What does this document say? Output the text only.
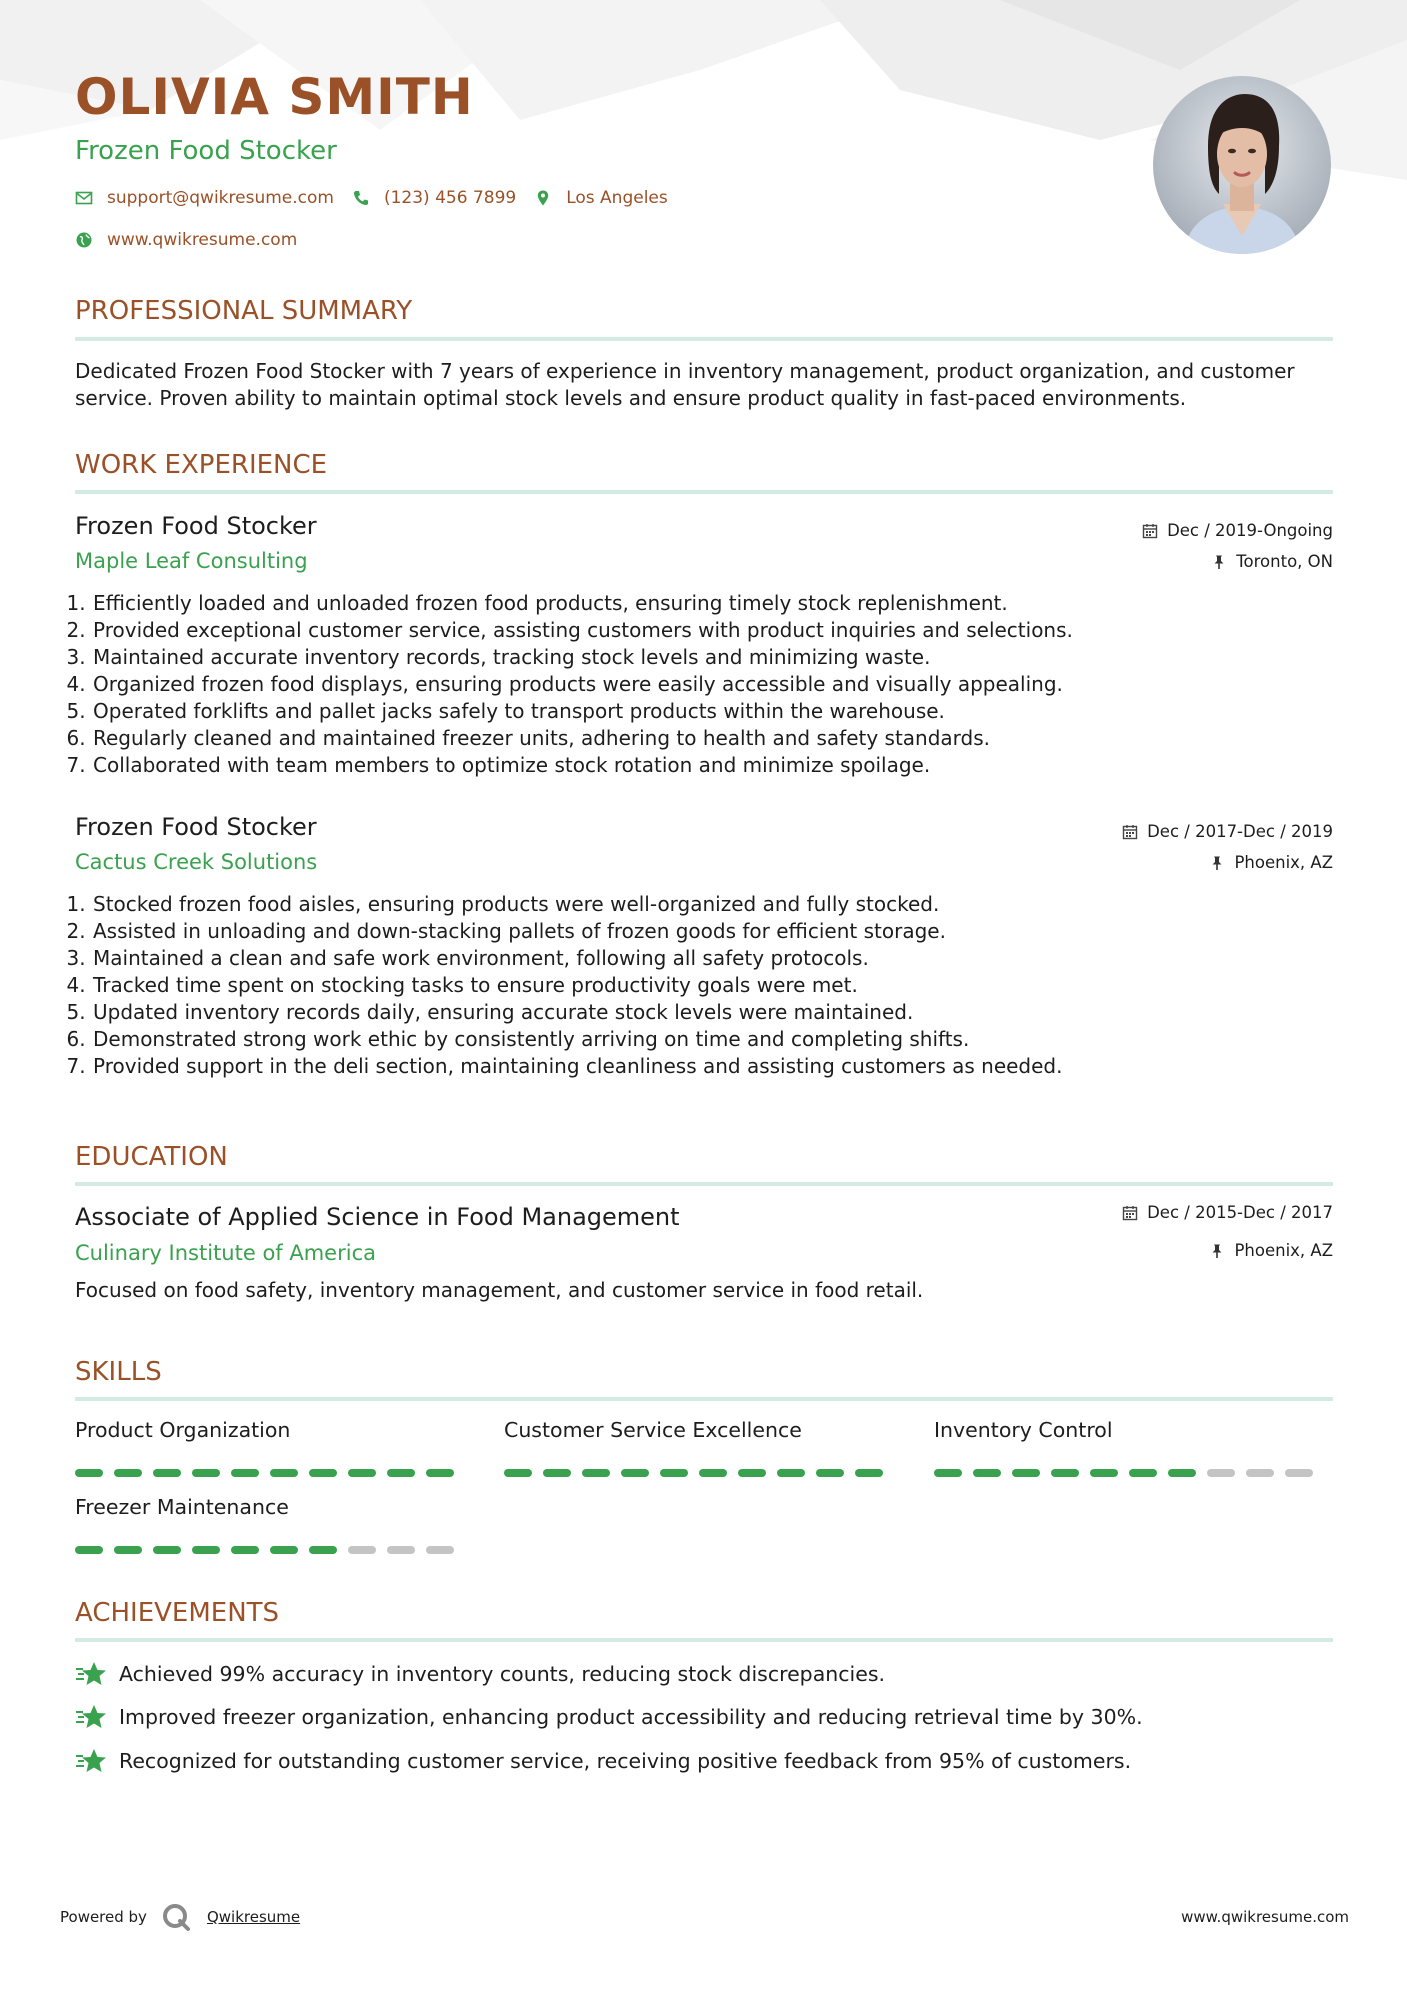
OLIVIA SMITH
Frozen Food Stocker
support@qwikresume.com	(123) 456 7899	Los Angeles
www.qwikresume.com
PROFESSIONAL SUMMARY
Dedicated Frozen Food Stocker with 7 years of experience in inventory management, product organization, and customer service. Proven ability to maintain optimal stock levels and ensure product quality in fast-paced environments.
WORK EXPERIENCE
Frozen Food Stocker
Maple Leaf Consulting
Dec / 2019-Ongoing
Toronto, ON
1. Efficiently loaded and unloaded frozen food products, ensuring timely stock replenishment.
2. Provided exceptional customer service, assisting customers with product inquiries and selections.
3. Maintained accurate inventory records, tracking stock levels and minimizing waste.
4. Organized frozen food displays, ensuring products were easily accessible and visually appealing.
5. Operated forklifts and pallet jacks safely to transport products within the warehouse.
6. Regularly cleaned and maintained freezer units, adhering to health and safety standards.
7. Collaborated with team members to optimize stock rotation and minimize spoilage.
Frozen Food Stocker
Cactus Creek Solutions
Dec / 2017-Dec / 2019
Phoenix, AZ
1. Stocked frozen food aisles, ensuring products were well-organized and fully stocked.
2. Assisted in unloading and down-stacking pallets of frozen goods for efficient storage.
3. Maintained a clean and safe work environment, following all safety protocols.
4. Tracked time spent on stocking tasks to ensure productivity goals were met.
5. Updated inventory records daily, ensuring accurate stock levels were maintained.
6. Demonstrated strong work ethic by consistently arriving on time and completing shifts.
7. Provided support in the deli section, maintaining cleanliness and assisting customers as needed.
EDUCATION
Associate of Applied Science in Food Management
Culinary Institute of America
Dec / 2015-Dec / 2017
Phoenix, AZ
Focused on food safety, inventory management, and customer service in food retail.
SKILLS
Product Organization	Customer Service Excellence	Inventory Control
Freezer Maintenance
ACHIEVEMENTS
Achieved 99% accuracy in inventory counts, reducing stock discrepancies.
Improved freezer organization, enhancing product accessibility and reducing retrieval time by 30%.
Recognized for outstanding customer service, receiving positive feedback from 95% of customers.
Powered by	Qwikresume	www.qwikresume.com
